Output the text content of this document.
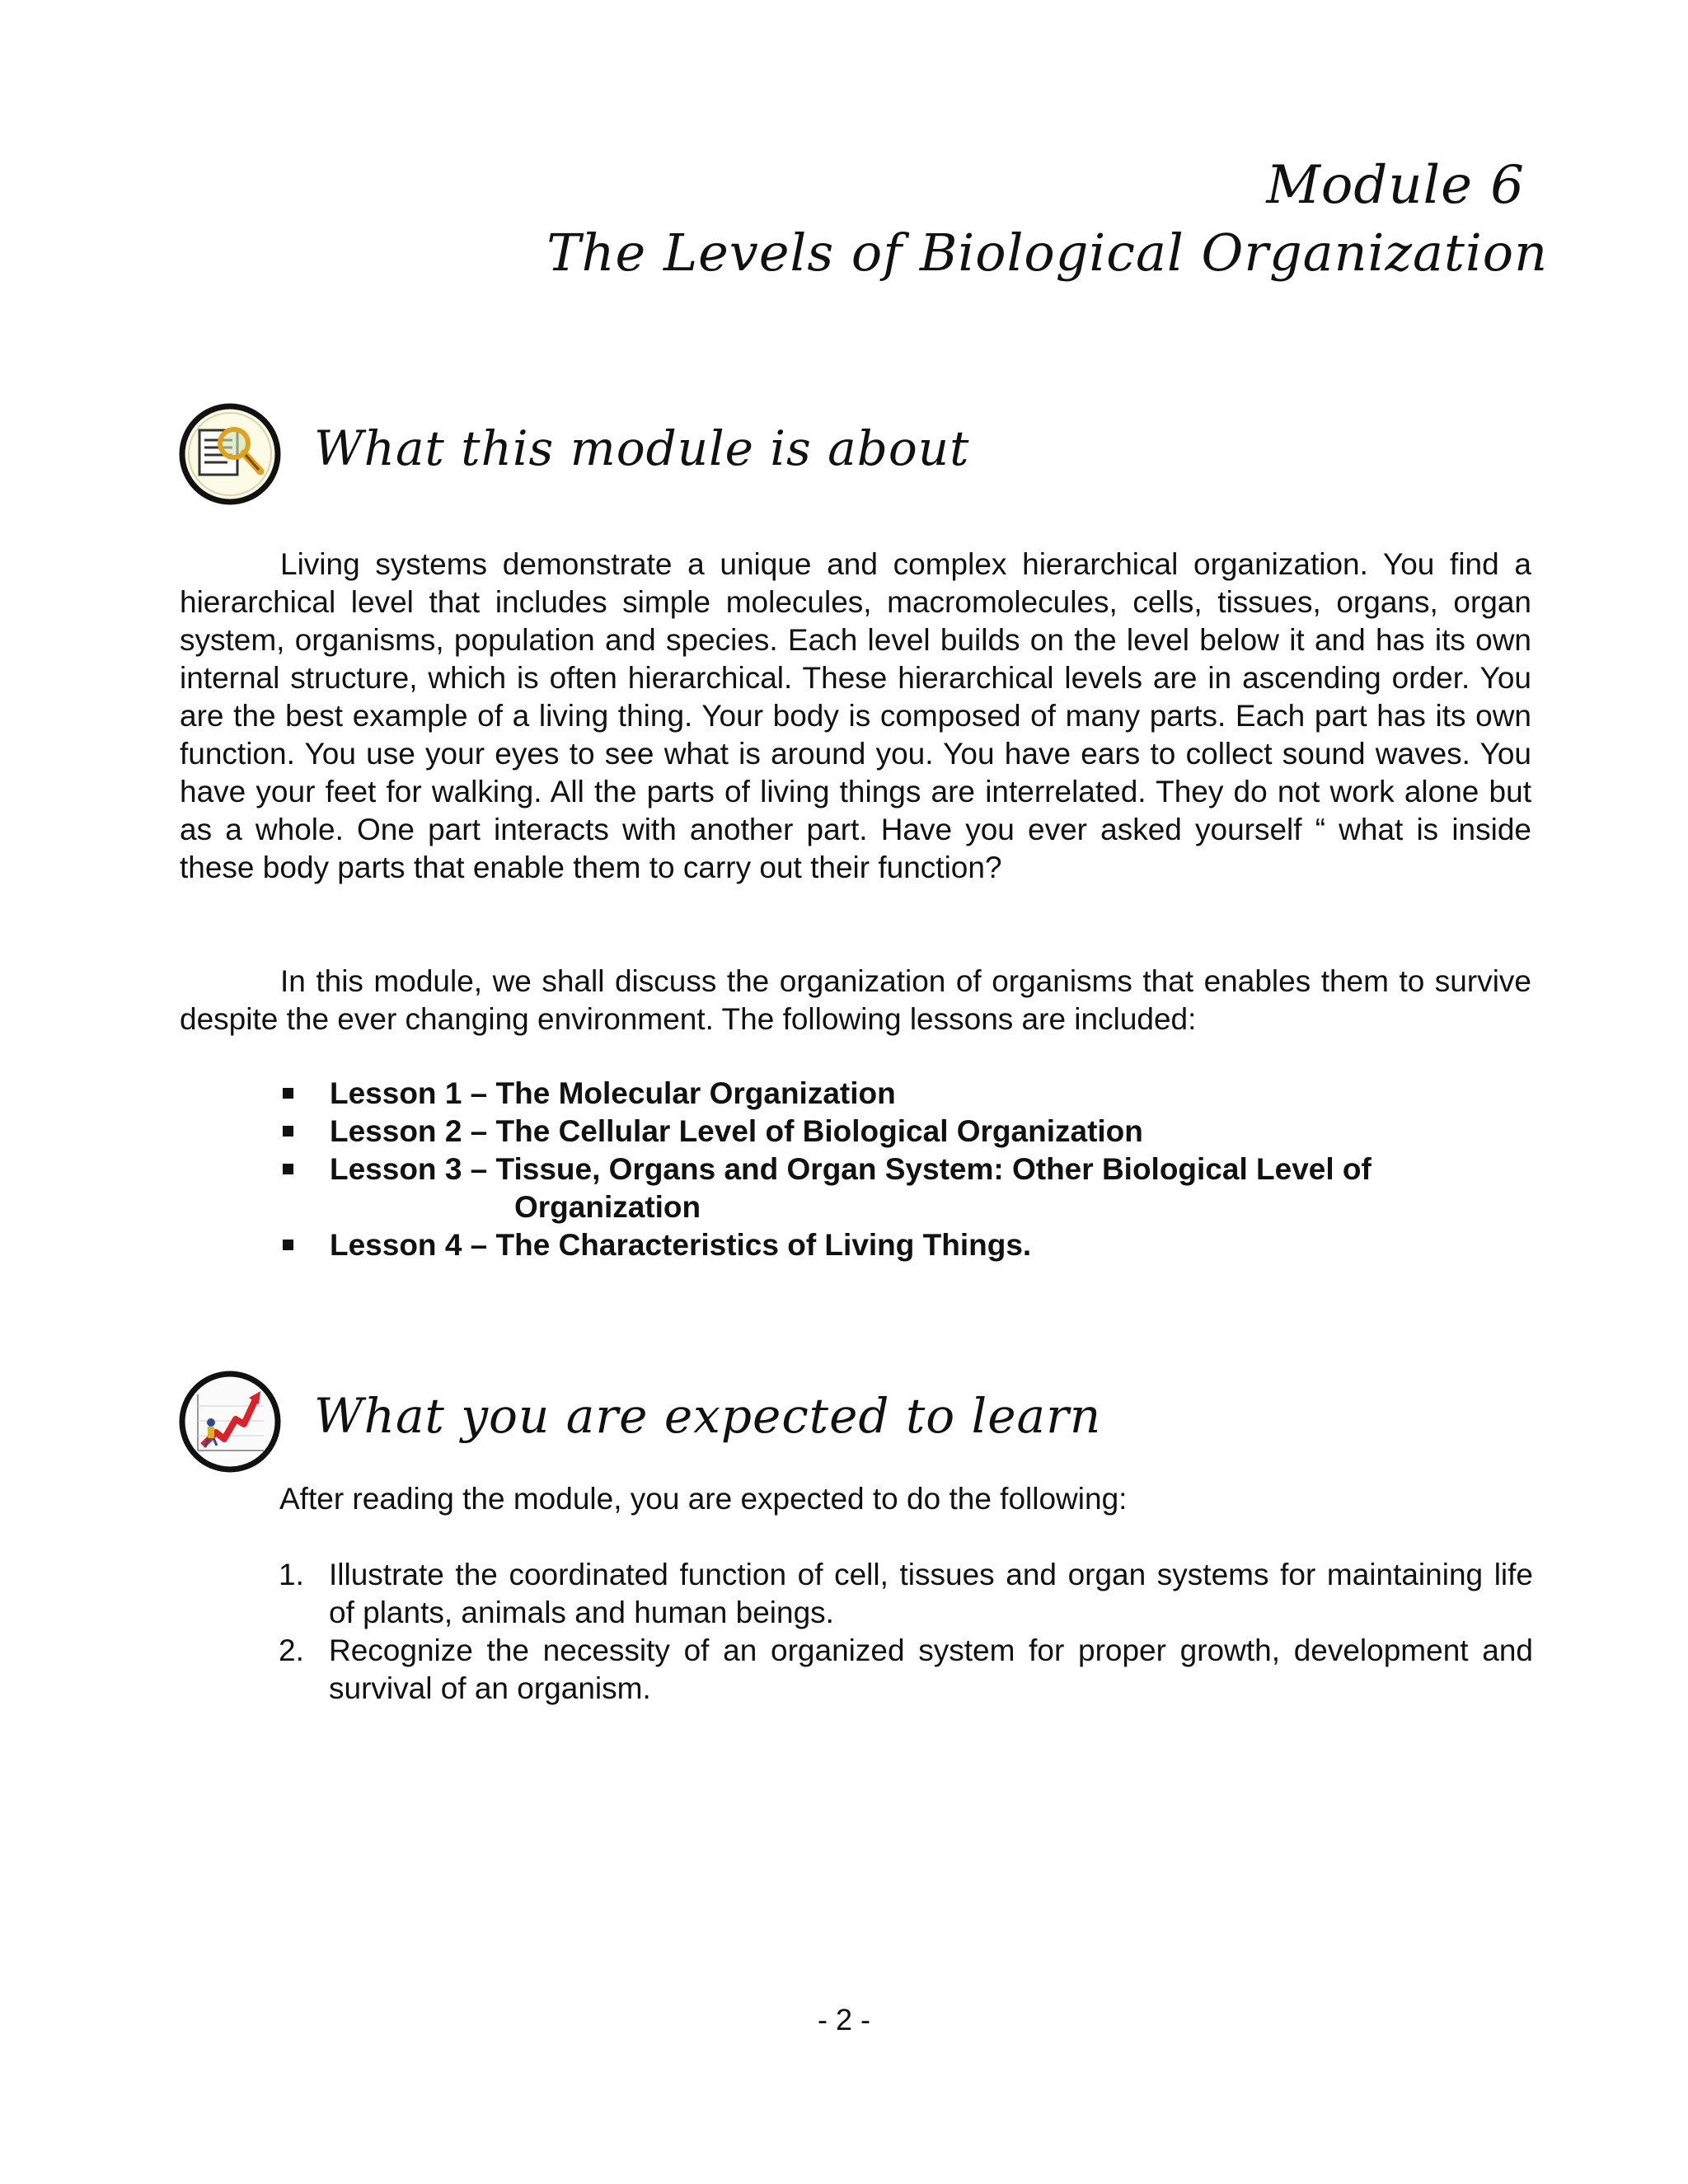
Module 6
The Levels of Biological Organization
What this module is about

Living systems demonstrate a unique and complex hierarchical organization. You find a hierarchical level that includes simple molecules, macromolecules, cells, tissues, organs, organ system, organisms, population and species. Each level builds on the level below it and has its own internal structure, which is often hierarchical. These hierarchical levels are in ascending order. You are the best example of a living thing. Your body is composed of many parts. Each part has its own function. You use your eyes to see what is around you. You have ears to collect sound waves. You have your feet for walking. All the parts of living things are interrelated. They do not work alone but as a whole. One part interacts with another part. Have you ever asked yourself “ what is inside these body parts that enable them to carry out their function?

In this module, we shall discuss the organization of organisms that enables them to survive despite the ever changing environment. The following lessons are included:

Lesson 1 – The Molecular Organization
Lesson 2 – The Cellular Level of Biological Organization
Lesson 3 – Tissue, Organs and Organ System: Other Biological Level of
Organization
Lesson 4 – The Characteristics of Living Things.
What you are expected to learn

After reading the module, you are expected to do the following:

1. Illustrate the coordinated function of cell, tissues and organ systems for maintaining life of plants, animals and human beings.
2. Recognize the necessity of an organized system for proper growth, development and survival of an organism.
- 2 -
